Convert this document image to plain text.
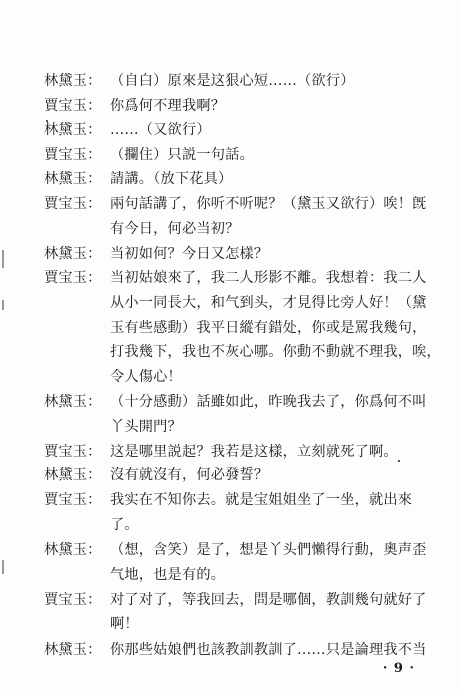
林黛玉： （自白）原來是这狠心短……（欲行）
賈宝玉： 你爲何不理我啊？
林黛玉： ……（又欲行）
賈宝玉： （攔住）只説一句話。
林黛玉： 請講。（放下花具）
賈宝玉： 兩句話講了，你听不听呢？（黛玉又欲行）唉！旣
有今日，何必当初？
林黛玉： 当初如何？今日又怎樣？
賈宝玉： 当初姑娘來了，我二人形影不離。我想着：我二人
从小一同長大，和气到头，才見得比旁人好！（黛
玉有些感動）我平日縱有錯处，你或是罵我幾句，
打我幾下，我也不灰心哪。你動不動就不理我，唉，
令人傷心！
林黛玉： （十分感動）話雖如此，昨晚我去了，你爲何不叫
丫头開門？
賈宝玉： 这是哪里説起？我若是这樣，立刻就死了啊。
林黛玉： 沒有就沒有，何必發誓？
賈宝玉： 我实在不知你去。就是宝姐姐坐了一坐，就出來
了。
林黛玉： （想，含笑）是了，想是丫头們懶得行動，奧声歪
气地，也是有的。
賈宝玉： 对了对了，等我回去，問是哪個，教訓幾句就好了
啊！
林黛玉： 你那些姑娘們也該教訓教訓了……只是論理我不当
· 9 ·
